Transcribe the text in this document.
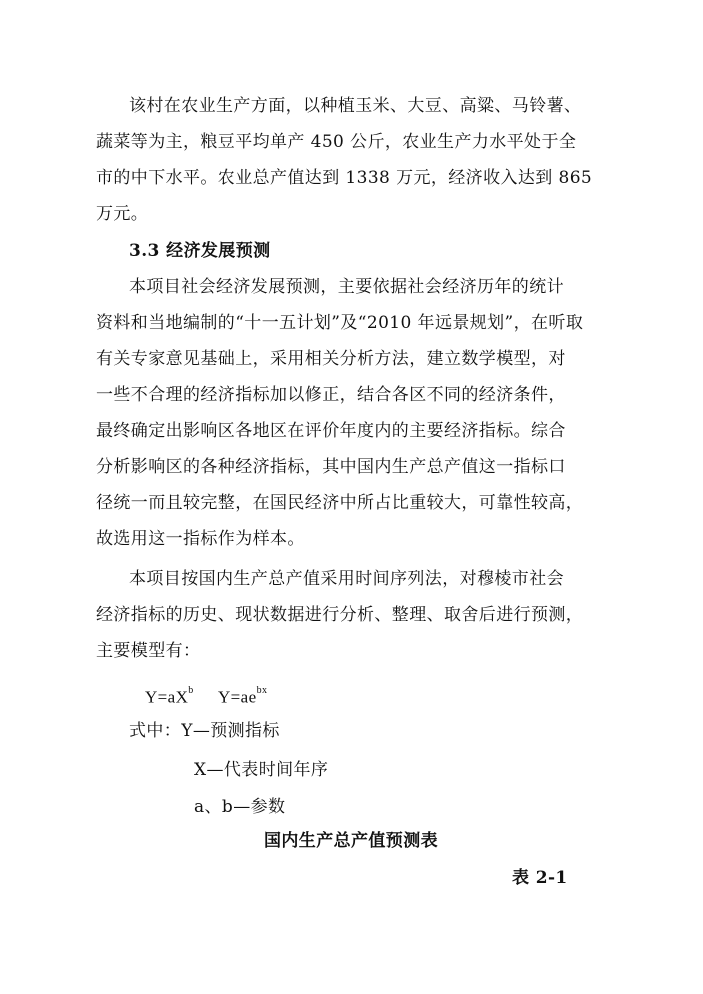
该村在农业生产方面，以种植玉米、大豆、高粱、马铃薯、
蔬菜等为主，粮豆平均单产 450 公斤，农业生产力水平处于全
市的中下水平。农业总产值达到 1338 万元，经济收入达到 865
万元。
3.3 经济发展预测
本项目社会经济发展预测，主要依据社会经济历年的统计
资料和当地编制的“十一五计划”及“2010 年远景规划”，在听取
有关专家意见基础上，采用相关分析方法，建立数学模型，对
一些不合理的经济指标加以修正，结合各区不同的经济条件，
最终确定出影响区各地区在评价年度内的主要经济指标。综合
分析影响区的各种经济指标，其中国内生产总产值这一指标口
径统一而且较完整，在国民经济中所占比重较大，可靠性较高，
故选用这一指标作为样本。
本项目按国内生产总产值采用时间序列法，对穆棱市社会
经济指标的历史、现状数据进行分析、整理、取舍后进行预测，
主要模型有：
$Y=aX^b$ $Y=ae^{bx}$
式中：Y—预测指标
X—代表时间年序
a、b—参数
国内生产总产值预测表
表 2-1
